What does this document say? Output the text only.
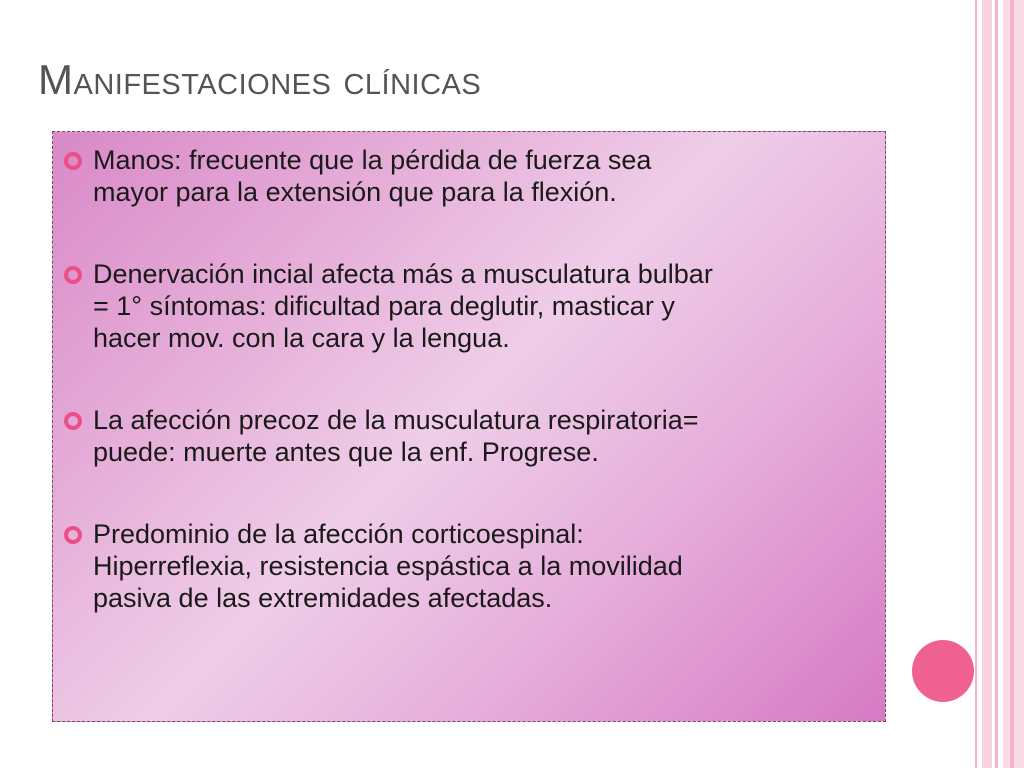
Manifestaciones clínicas
Manos: frecuente que la pérdida de fuerza sea
mayor para la extensión que para la flexión.
Denervación incial afecta más a musculatura bulbar
= 1° síntomas: dificultad para deglutir, masticar y
hacer mov. con la cara y la lengua.
La afección precoz de la musculatura respiratoria=
puede: muerte antes que la enf. Progrese.
Predominio de la afección corticoespinal:
Hiperreflexia, resistencia espástica a la movilidad
pasiva de las extremidades afectadas.
